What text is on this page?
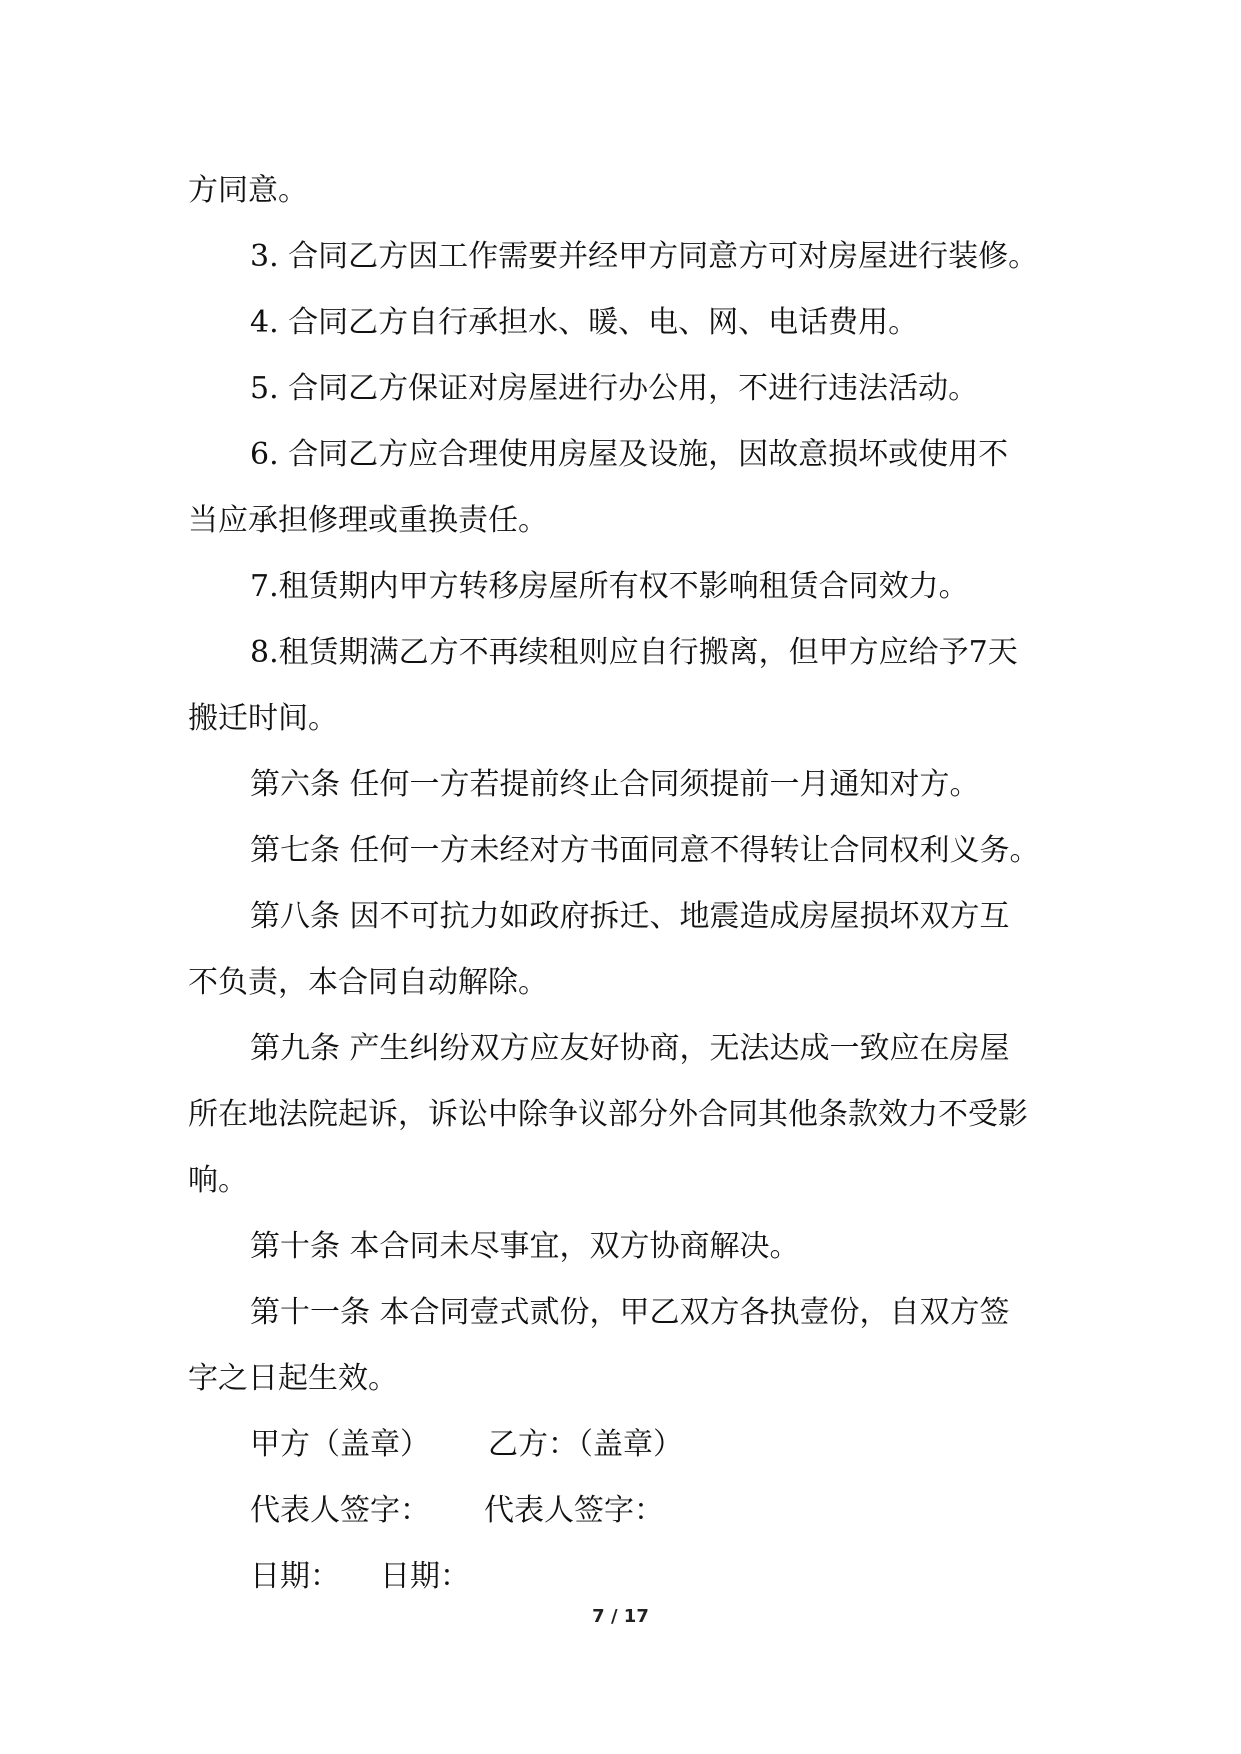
方同意。

3. 合同乙方因工作需要并经甲方同意方可对房屋进行装修。

4. 合同乙方自行承担水、暖、电、网、电话费用。

5. 合同乙方保证对房屋进行办公用，不进行违法活动。

6. 合同乙方应合理使用房屋及设施，因故意损坏或使用不

当应承担修理或重换责任。

7.租赁期内甲方转移房屋所有权不影响租赁合同效力。

8.租赁期满乙方不再续租则应自行搬离，但甲方应给予7天

搬迁时间。

第六条 任何一方若提前终止合同须提前一月通知对方。

第七条 任何一方未经对方书面同意不得转让合同权利义务。

第八条 因不可抗力如政府拆迁、地震造成房屋损坏双方互

不负责，本合同自动解除。

第九条 产生纠纷双方应友好协商，无法达成一致应在房屋

所在地法院起诉，诉讼中除争议部分外合同其他条款效力不受影

响。

第十条 本合同未尽事宜，双方协商解决。

第十一条 本合同壹式贰份，甲乙双方各执壹份，自双方签

字之日起生效。

甲方（盖章） 乙方：（盖章）

代表人签字： 代表人签字：

日期： 日期：

7 / 17
